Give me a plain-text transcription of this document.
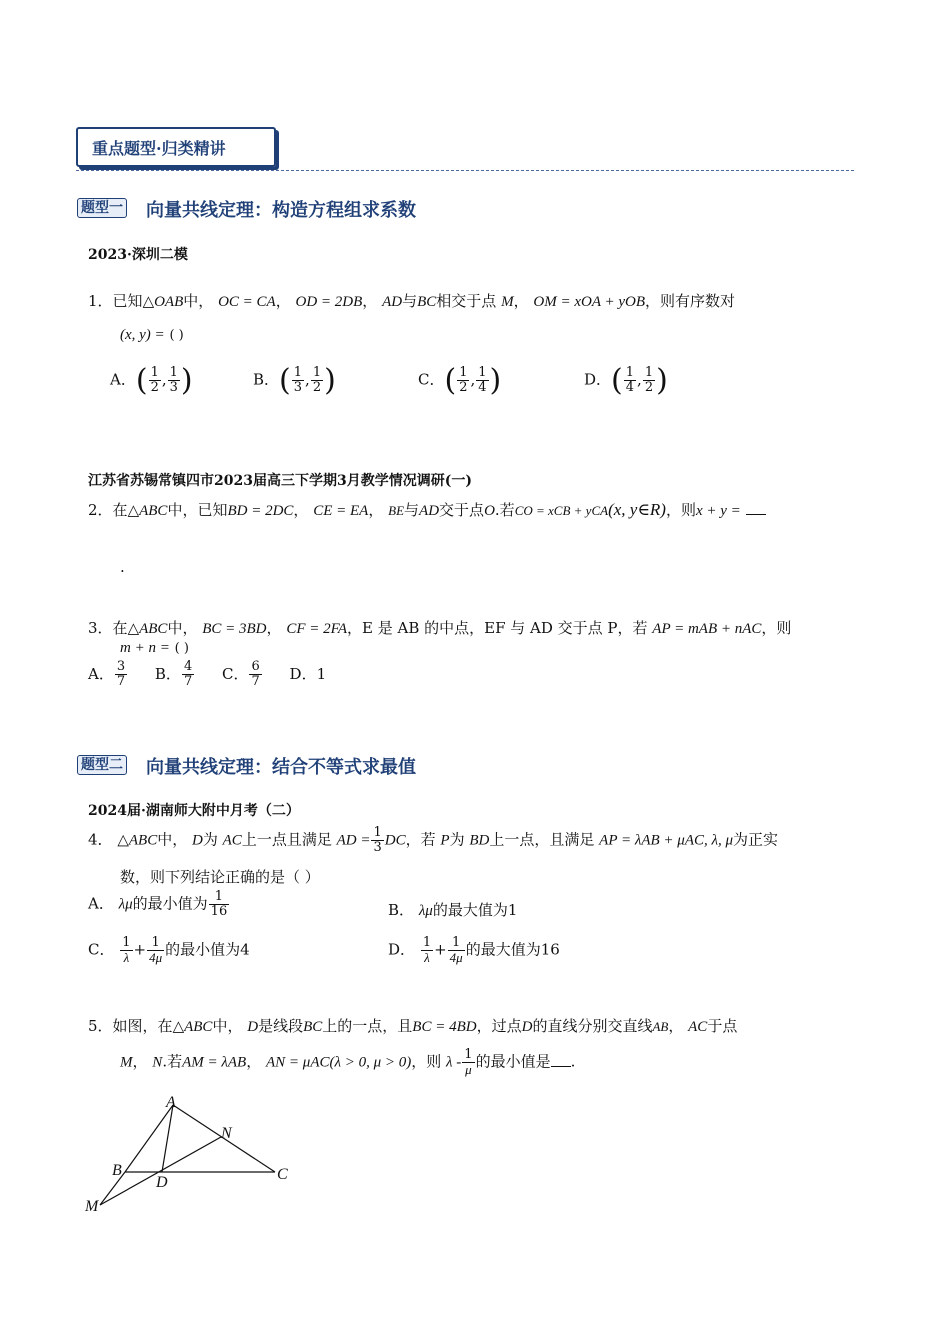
重点题型·归类精讲
题型一 向量共线定理：构造方程组求系数
2023·深圳二模
1．已知△OAB中， OC = CA， OD = 2DB， AD与BC相交于点 M， OM = xOA + yOB，则有序数对
(x, y) = ( )
A．( $\frac{1}{2}$ , $\frac{1}{3}$ )	B．( $\frac{1}{3}$ , $\frac{1}{2}$ )	C．( $\frac{1}{2}$ , $\frac{1}{4}$ )	D．( $\frac{1}{4}$ , $\frac{1}{2}$ )
江苏省苏锡常镇四市2023届高三下学期3月教学情况调研(一)
2．在△ABC中，已知BD = 2DC， CE = EA， BE与AD交于点O.若CO = xCB + yCA(x, y∈R)，则x + y =
.
3．在△ABC中， BC = 3BD， CF = 2FA，E 是 AB 的中点，EF 与 AD 交于点 P，若 AP = mAB + nAC，则
m + n = ( )
A． $\frac{3}{7}$ B． $\frac{4}{7}$ C． $\frac{6}{7}$ D．1
题型二 向量共线定理：结合不等式求最值
2024届·湖南师大附中月考（二）
4． △ABC中， D为 AC上一点且满足 AD = $\frac{1}{3}$ DC，若 P为 BD上一点，且满足 AP = λAB + μAC, λ, μ为正实
数，则下列结论正确的是（ ）
A． λμ的最小值为 $\frac{1}{16}$	B． λμ的最大值为1
C． $\frac{1}{\lambda} + \frac{1}{4\mu}$ 的最小值为4	D． $\frac{1}{\lambda} + \frac{1}{4\mu}$ 的最大值为16
5．如图，在△ABC中， D是线段BC上的一点，且BC = 4BD，过点D的直线分别交直线AB， AC于点
M， N.若AM = λAB， AN = μAC(λ > 0, μ > 0)，则 λ - $\frac{1}{\mu}$ 的最小值是 .
A
B	C
D
M
N
